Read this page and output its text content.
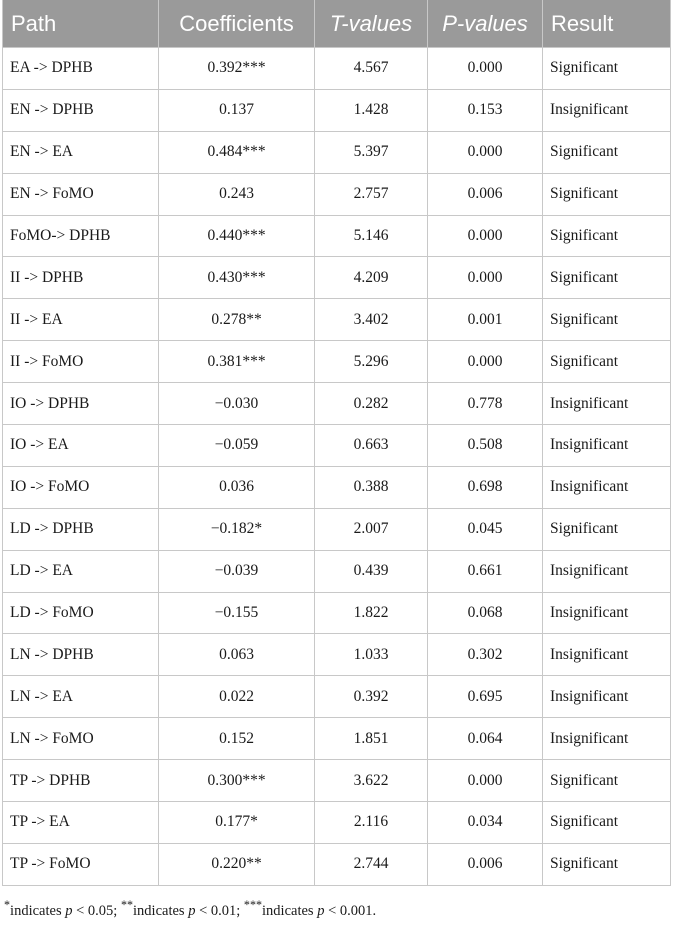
Path	Coefficients	T-values	P-values	Result
EA -> DPHB	0.392***	4.567	0.000	Significant
EN -> DPHB	0.137	1.428	0.153	Insignificant
EN -> EA	0.484***	5.397	0.000	Significant
EN -> FoMO	0.243	2.757	0.006	Significant
FoMO-> DPHB	0.440***	5.146	0.000	Significant
II -> DPHB	0.430***	4.209	0.000	Significant
II -> EA	0.278**	3.402	0.001	Significant
II -> FoMO	0.381***	5.296	0.000	Significant
IO -> DPHB	−0.030	0.282	0.778	Insignificant
IO -> EA	−0.059	0.663	0.508	Insignificant
IO -> FoMO	0.036	0.388	0.698	Insignificant
LD -> DPHB	−0.182*	2.007	0.045	Significant
LD -> EA	−0.039	0.439	0.661	Insignificant
LD -> FoMO	−0.155	1.822	0.068	Insignificant
LN -> DPHB	0.063	1.033	0.302	Insignificant
LN -> EA	0.022	0.392	0.695	Insignificant
LN -> FoMO	0.152	1.851	0.064	Insignificant
TP -> DPHB	0.300***	3.622	0.000	Significant
TP -> EA	0.177*	2.116	0.034	Significant
TP -> FoMO	0.220**	2.744	0.006	Significant
*indicates p < 0.05; **indicates p < 0.01; ***indicates p < 0.001.
